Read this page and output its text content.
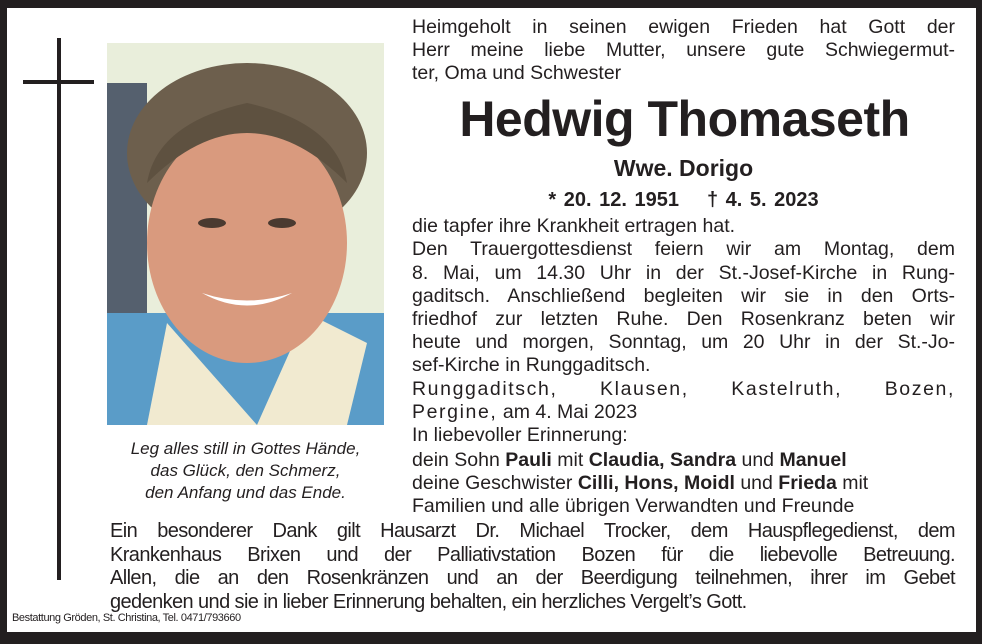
Leg alles still in Gottes Hände,
das Glück, den Schmerz,
den Anfang und das Ende.
Heimgeholt in seinen ewigen Frieden hat Gott der
Herr meine liebe Mutter, unsere gute Schwiegermut-
ter, Oma und Schwester
Hedwig Thomaseth
Wwe. Dorigo
* 20. 12. 1951 † 4. 5. 2023
die tapfer ihre Krankheit ertragen hat.
Den Trauergottesdienst feiern wir am Montag, dem
8. Mai, um 14.30 Uhr in der St.-Josef-Kirche in Rung-
gaditsch. Anschließend begleiten wir sie in den Orts-
friedhof zur letzten Ruhe. Den Rosenkranz beten wir
heute und morgen, Sonntag, um 20 Uhr in der St.-Jo-
sef-Kirche in Runggaditsch.
Runggaditsch, Klausen, Kastelruth, Bozen,
Pergine, am 4. Mai 2023
In liebevoller Erinnerung:
dein Sohn Pauli mit Claudia, Sandra und Manuel
deine Geschwister Cilli, Hons, Moidl und Frieda mit
Familien und alle übrigen Verwandten und Freunde
Ein besonderer Dank gilt Hausarzt Dr. Michael Trocker, dem Hauspflegedienst, dem
Krankenhaus Brixen und der Palliativstation Bozen für die liebevolle Betreuung.
Allen, die an den Rosenkränzen und an der Beerdigung teilnehmen, ihrer im Gebet
gedenken und sie in lieber Erinnerung behalten, ein herzliches Vergelt’s Gott.
Bestattung Gröden, St. Christina, Tel. 0471/793660
